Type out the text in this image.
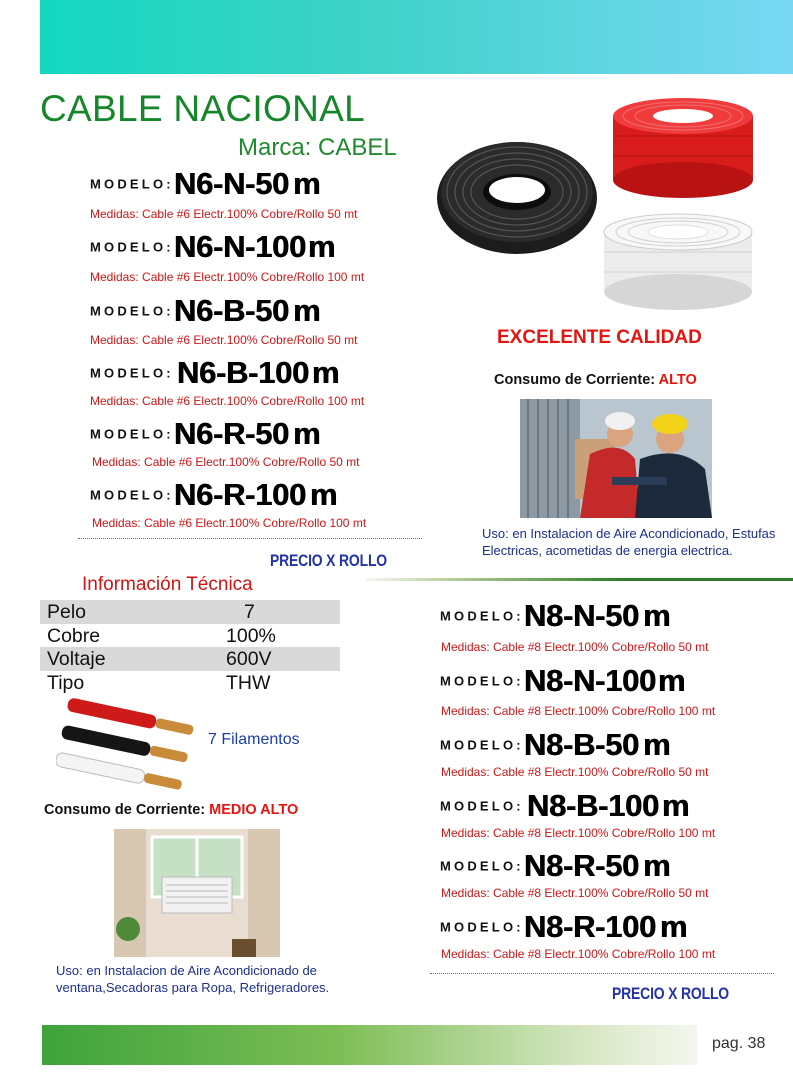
CABLE NACIONAL
Marca: CABEL
MODELO:N6-N-50 m
Medidas: Cable #6 Electr.100% Cobre/Rollo 50 mt
MODELO:N6-N-100m
Medidas: Cable #6 Electr.100% Cobre/Rollo 100 mt
MODELO:N6-B-50 m
Medidas: Cable #6 Electr.100% Cobre/Rollo 50 mt
MODELO:N6-B-100m
Medidas: Cable #6 Electr.100% Cobre/Rollo 100 mt
MODELO:N6-R-50 m
Medidas: Cable #6 Electr.100% Cobre/Rollo 50 mt
MODELO:N6-R-100 m
Medidas: Cable #6 Electr.100% Cobre/Rollo 100 mt
PRECIO X ROLLO
EXCELENTE CALIDAD
Consumo de Corriente: ALTO
Uso: en Instalacion de Aire Acondicionado, Estufas Electricas, acometidas de energia electrica.
Información Técnica
Pelo	7
Cobre	100%
Voltaje	600V
Tipo	THW
7 Filamentos
Consumo de Corriente: MEDIO ALTO
Uso: en Instalacion de Aire Acondicionado de ventana,Secadoras para Ropa, Refrigeradores.
MODELO:N8-N-50 m
Medidas: Cable #8 Electr.100% Cobre/Rollo 50 mt
MODELO:N8-N-100m
Medidas: Cable #8 Electr.100% Cobre/Rollo 100 mt
MODELO:N8-B-50 m
Medidas: Cable #8 Electr.100% Cobre/Rollo 50 mt
MODELO:N8-B-100m
Medidas: Cable #8 Electr.100% Cobre/Rollo 100 mt
MODELO:N8-R-50 m
Medidas: Cable #8 Electr.100% Cobre/Rollo 50 mt
MODELO:N8-R-100 m
Medidas: Cable #8 Electr.100% Cobre/Rollo 100 mt
PRECIO X ROLLO
pag. 38
